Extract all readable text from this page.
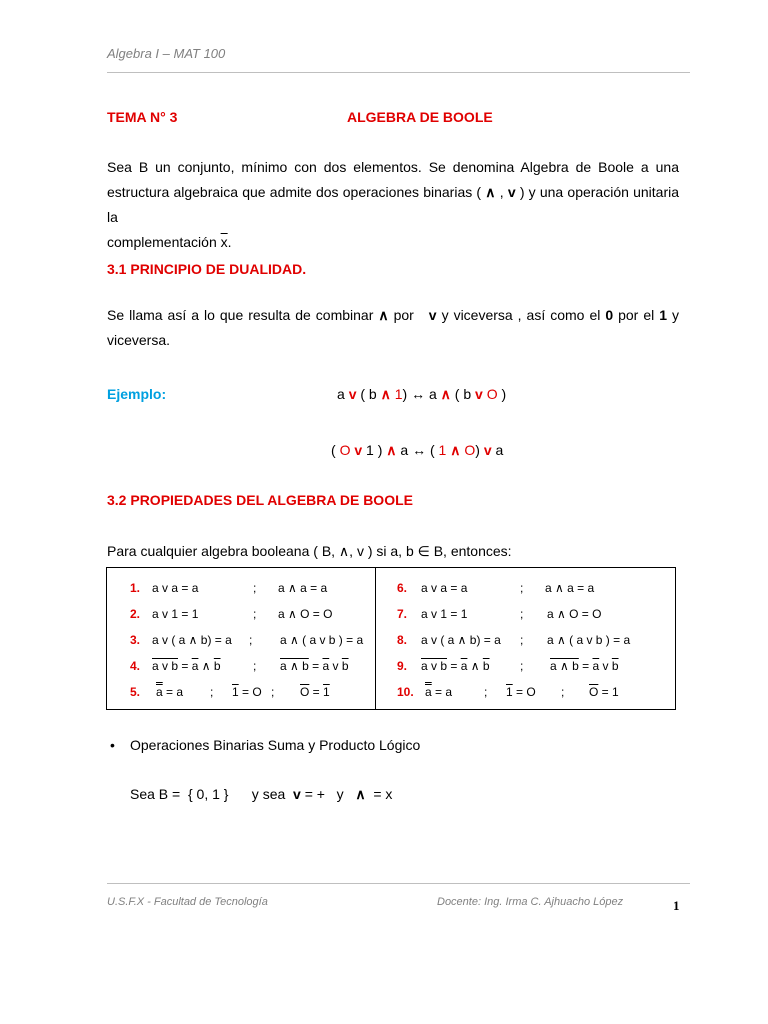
Algebra I – MAT 100
TEMA N° 3	ALGEBRA DE BOOLE
Sea B un conjunto, mínimo con dos elementos. Se denomina Algebra de Boole a una
estructura algebraica que admite dos operaciones binarias ( ∧ , v ) y una operación unitaria la
complementación $\overline{x}$.
3.1 PRINCIPIO DE DUALIDAD.
Se llama así a lo que resulta de combinar ∧ por   v y viceversa , así como el 0 por el 1 y
viceversa.
Ejemplo:	a v ( b ∧ 1) ↔ a ∧ ( b v O )
( O v 1 ) ∧ a ↔ ( 1 ∧ O) v a
3.2 PROPIEDADES DEL ALGEBRA DE BOOLE
Para cualquier algebra booleana ( B, ∧, v ) si a, b ∈ B, entonces:
1. a v a = a	; a ∧ a = a
2. a v 1 = 1	; a ∧ O = O
3. a v ( a ∧ b) = a ; a ∧ ( a v b ) = a
4. a v $b = \overline{a}$ ∧ $\overline{b}$	; a ∧ $b = \overline{a}$ v $\overline{b}$
5. a = a ; 1 = O ; $\overline{O} = 1$
6. a v a = a	; a ∧ a = a
7. a v 1 = 1	; a ∧ O = O
8. a v ( a ∧ b) = a ; a ∧ ( a v b ) = a
9. a v $b = \overline{a}$ ∧ $\overline{b}$	; a ∧ $b = \overline{a}$ v $\overline{b}$
10. a = a	; 1 = O ; $\overline{O} = 1$
• Operaciones Binarias Suma y Producto Lógico
Sea B =  { 0, 1 }      y sea  v = +   y   ∧  = x
U.S.F.X - Facultad de Tecnología	Docente: Ing. Irma C. Ajhuacho López	1
